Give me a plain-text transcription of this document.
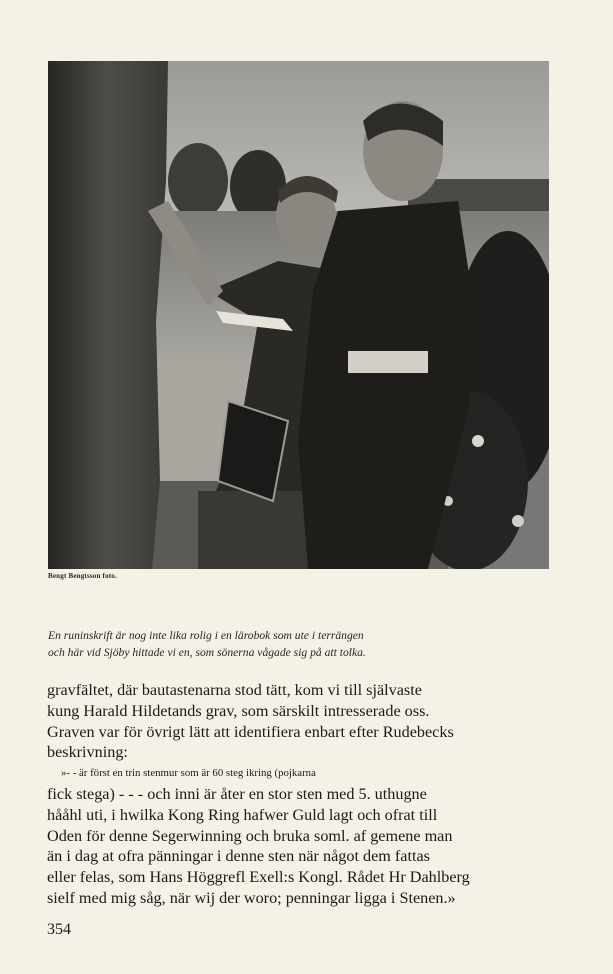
Bengt Bengtsson foto.
En runinskrift är nog inte lika rolig i en lärobok som ute i terrängen
och här vid Sjöby hittade vi en, som sönerna vågade sig på att tolka.
gravfältet, där bautastenarna stod tätt, kom vi till självaste
kung Harald Hildetands grav, som särskilt intresserade oss.
Graven var för övrigt lätt att identifiera enbart efter Rudebecks
beskrivning:
»- - är först en trin stenmur som är 60 steg ikring (pojkarna
fick stega) - - - och inni är åter en stor sten med 5. uthugne
hååhl uti, i hwilka Kong Ring hafwer Guld lagt och ofrat till
Oden för denne Segerwinning och bruka soml. af gemene man
än i dag at ofra pänningar i denne sten när något dem fattas
eller felas, som Hans Höggrefl Exell:s Kongl. Rådet Hr Dahlberg
sielf med mig såg, när wij der woro; penningar ligga i Stenen.»
354
